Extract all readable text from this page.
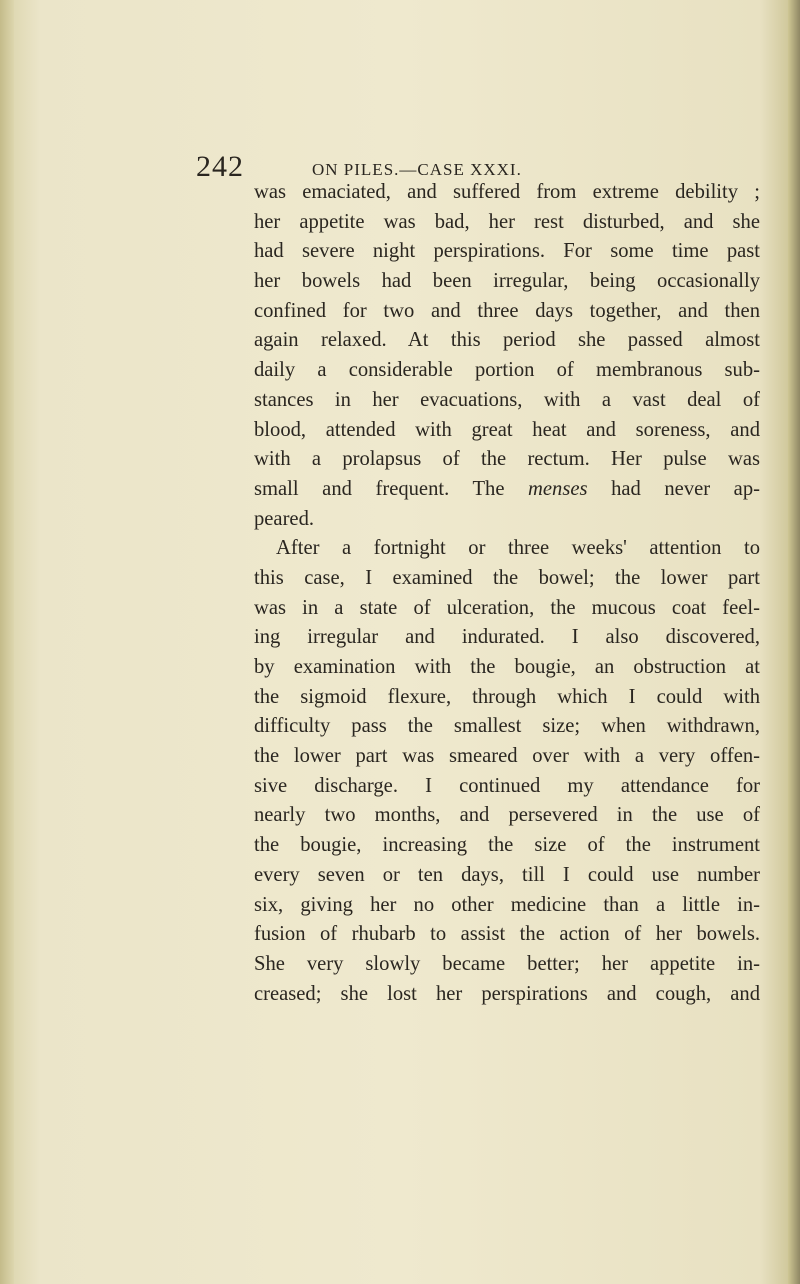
242	ON PILES.—CASE XXXI.
was emaciated, and suffered from extreme debility ;
her appetite was bad, her rest disturbed, and she
had severe night perspirations. For some time past
her bowels had been irregular, being occasionally
confined for two and three days together, and then
again relaxed. At this period she passed almost
daily a considerable portion of membranous sub-
stances in her evacuations, with a vast deal of
blood, attended with great heat and soreness, and
with a prolapsus of the rectum. Her pulse was
small and frequent. The menses had never ap-
peared.
After a fortnight or three weeks' attention to
this case, I examined the bowel; the lower part
was in a state of ulceration, the mucous coat feel-
ing irregular and indurated. I also discovered,
by examination with the bougie, an obstruction at
the sigmoid flexure, through which I could with
difficulty pass the smallest size; when withdrawn,
the lower part was smeared over with a very offen-
sive discharge. I continued my attendance for
nearly two months, and persevered in the use of
the bougie, increasing the size of the instrument
every seven or ten days, till I could use number
six, giving her no other medicine than a little in-
fusion of rhubarb to assist the action of her bowels.
She very slowly became better; her appetite in-
creased; she lost her perspirations and cough, and
